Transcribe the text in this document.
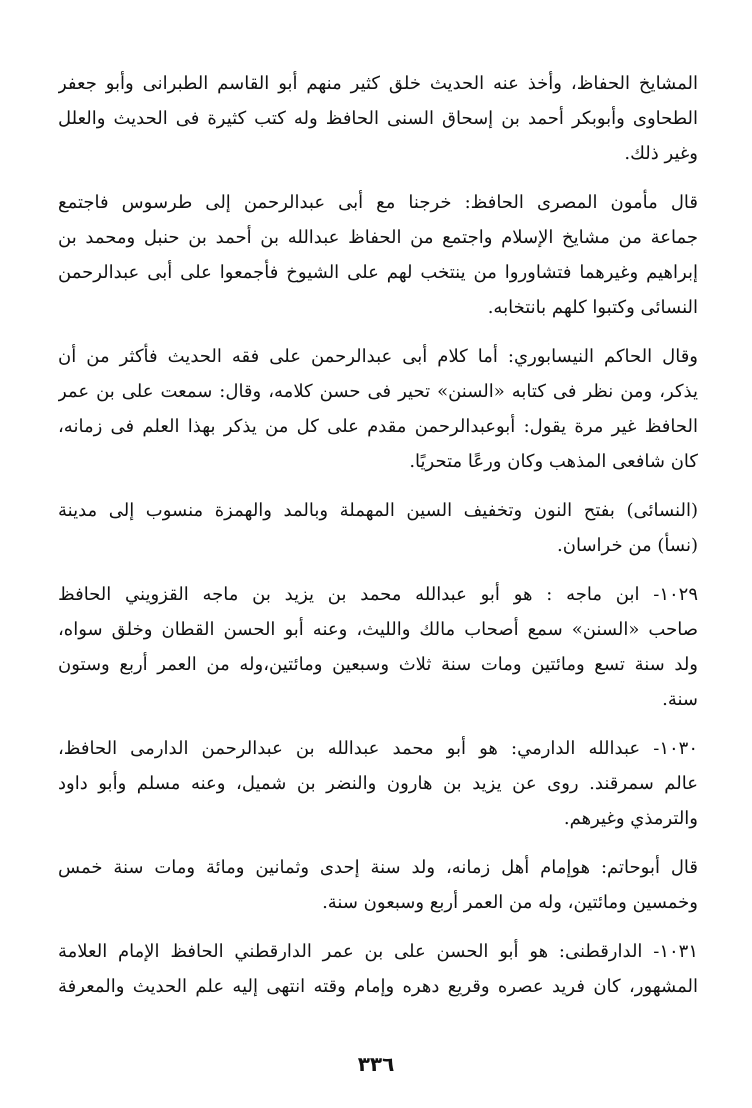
المشايخ الحفاظ، وأخذ عنه الحديث خلق كثير منهم أبو القاسم الطبرانى وأبو جعفر
الطحاوى وأبوبكر أحمد بن إسحاق السنى الحافظ وله كتب كثيرة فى الحديث والعلل
وغير ذلك.
قال مأمون المصرى الحافظ: خرجنا مع أبى عبدالرحمن إلى طرسوس فاجتمع
جماعة من مشايخ الإسلام واجتمع من الحفاظ عبدالله بن أحمد بن حنبل ومحمد بن
إبراهيم وغيرهما فتشاوروا من ينتخب لهم على الشيوخ فأجمعوا على أبى عبدالرحمن
النسائى وكتبوا كلهم بانتخابه.
وقال الحاكم النيسابوري: أما كلام أبى عبدالرحمن على فقه الحديث فأكثر من أن
يذكر، ومن نظر فى كتابه «السنن» تحير فى حسن كلامه، وقال: سمعت على بن عمر
الحافظ غير مرة يقول: أبوعبدالرحمن مقدم على كل من يذكر بهذا العلم فى زمانه،
كان شافعى المذهب وكان ورعًا متحريًا.
(النسائى) بفتح النون وتخفيف السين المهملة وبالمد والهمزة منسوب إلى مدينة
(نسأ) من خراسان.
١٠٢٩- ابن ماجه : هو أبو عبدالله محمد بن يزيد بن ماجه القزويني الحافظ
صاحب «السنن» سمع أصحاب مالك والليث، وعنه أبو الحسن القطان وخلق سواه،
ولد سنة تسع ومائتين ومات سنة ثلاث وسبعين ومائتين،وله من العمر أربع وستون
سنة.
١٠٣٠- عبدالله الدارمي: هو أبو محمد عبدالله بن عبدالرحمن الدارمى الحافظ،
عالم سمرقند. روى عن يزيد بن هارون والنضر بن شميل، وعنه مسلم وأبو داود
والترمذي وغيرهم.
قال أبوحاتم: هوإمام أهل زمانه، ولد سنة إحدى وثمانين ومائة ومات سنة خمس
وخمسين ومائتين، وله من العمر أربع وسبعون سنة.
١٠٣١- الدارقطنى: هو أبو الحسن على بن عمر الدارقطني الحافظ الإمام العلامة
المشهور، كان فريد عصره وقريع دهره وإمام وقته انتهى إليه علم الحديث والمعرفة
٣٣٦
